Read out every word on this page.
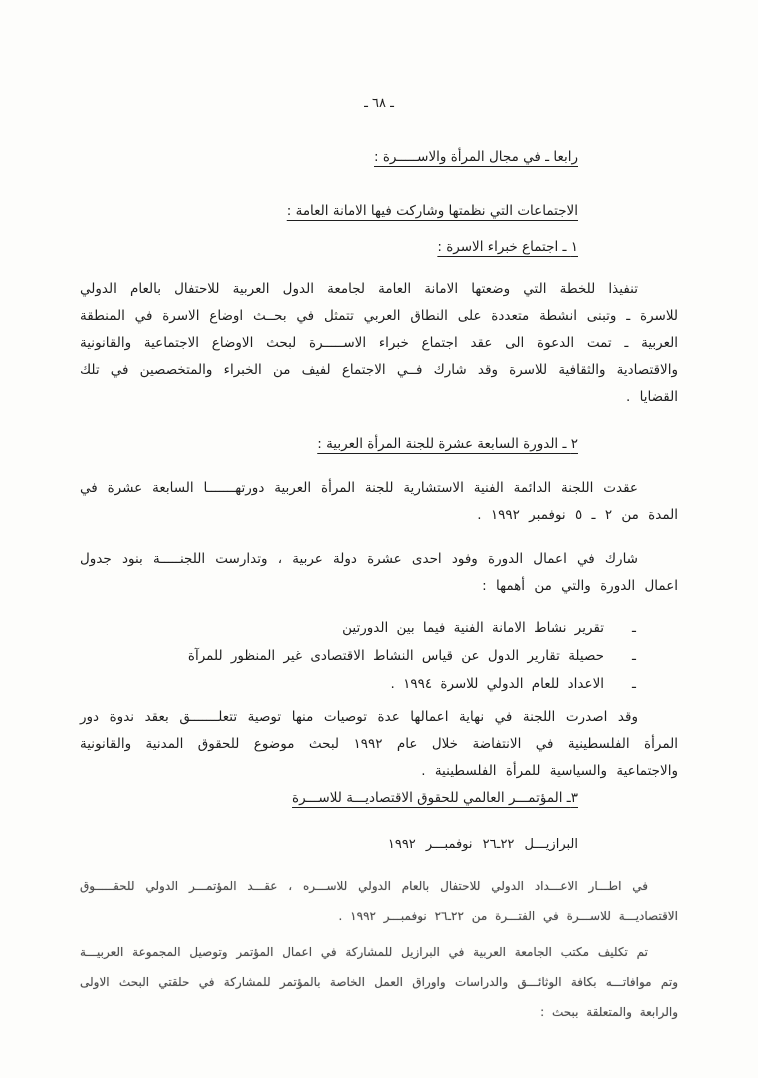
ـ ٦٨ ـ
رابعا ـ في مجال المرأة والاســـــرة :
الاجتماعات التي نظمتها وشاركت فيها الامانة العامة :
١ ـ اجتماع خبراء الاسرة :

تنفيذا للخطة التي وضعتها الامانة العامة لجامعة الدول العربية للاحتفال بالعام الدولي للاسرة ـ وتبنى انشطة متعددة على النطاق العربي تتمثل في بحــث اوضاع الاسرة في المنطقة العربية ـ تمت الدعوة الى عقد اجتماع خبراء الاســـــرة لبحث الاوضاع الاجتماعية والقانونية والاقتصادية والثقافية للاسرة وقد شارك فــي الاجتماع لفيف من الخبراء والمتخصصين في تلك القضايا .

٢ ـ الدورة السابعة عشرة للجنة المرأة العربية :

عقدت اللجنة الدائمة الفنية الاستشارية للجنة المرأة العربية دورتهـــــــا السابعة عشرة في المدة من ٢ ـ ٥ نوفمبر ١٩٩٢ .

شارك في اعمال الدورة وفود احدى عشرة دولة عربية ، وتدارست اللجنـــــة بنود جدول اعمال الدورة والتي من أهمها :

ـ
تقرير نشاط الامانة الفنية فيما بين الدورتين
ـ
حصيلة تقارير الدول عن قياس النشاط الاقتصادى غير المنظور للمرآة
ـ
الاعداد للعام الدولي للاسرة ١٩٩٤ .

وقد اصدرت اللجنة في نهاية اعمالها عدة توصيات منها توصية تتعلـــــــق بعقد ندوة دور المرأة الفلسطينية في الانتفاضة خلال عام ١٩٩٢ لبحث موضوع للحقوق المدنية والقانونية والاجتماعية والسياسية للمرأة الفلسطينية .

٣ـ المؤتمـــر العالمي للحقوق الاقتصاديـــة للاســـرة
البرازيـــل ٢٢ـ٢٦ نوفمبـــر ١٩٩٢

في اطـــار الاعـــداد الدولي للاحتفال بالعام الدولي للاســـره ، عقـــد المؤتمـــر الدولي للحقـــــوق الاقتصاديـــة للاســـرة في الفتـــرة من ٢٢ـ٢٦ نوفمبـــر ١٩٩٢ .

تم تكليف مكتب الجامعة العربية في البرازيل للمشاركة في اعمال المؤتمر وتوصيل المجموعة العربيـــة وتم موافاتـــه بكافة الوثائـــق والدراسات واوراق العمل الخاصة بالمؤتمر للمشاركة في حلقتي البحث الاولى والرابعة والمتعلقة ببحث :
